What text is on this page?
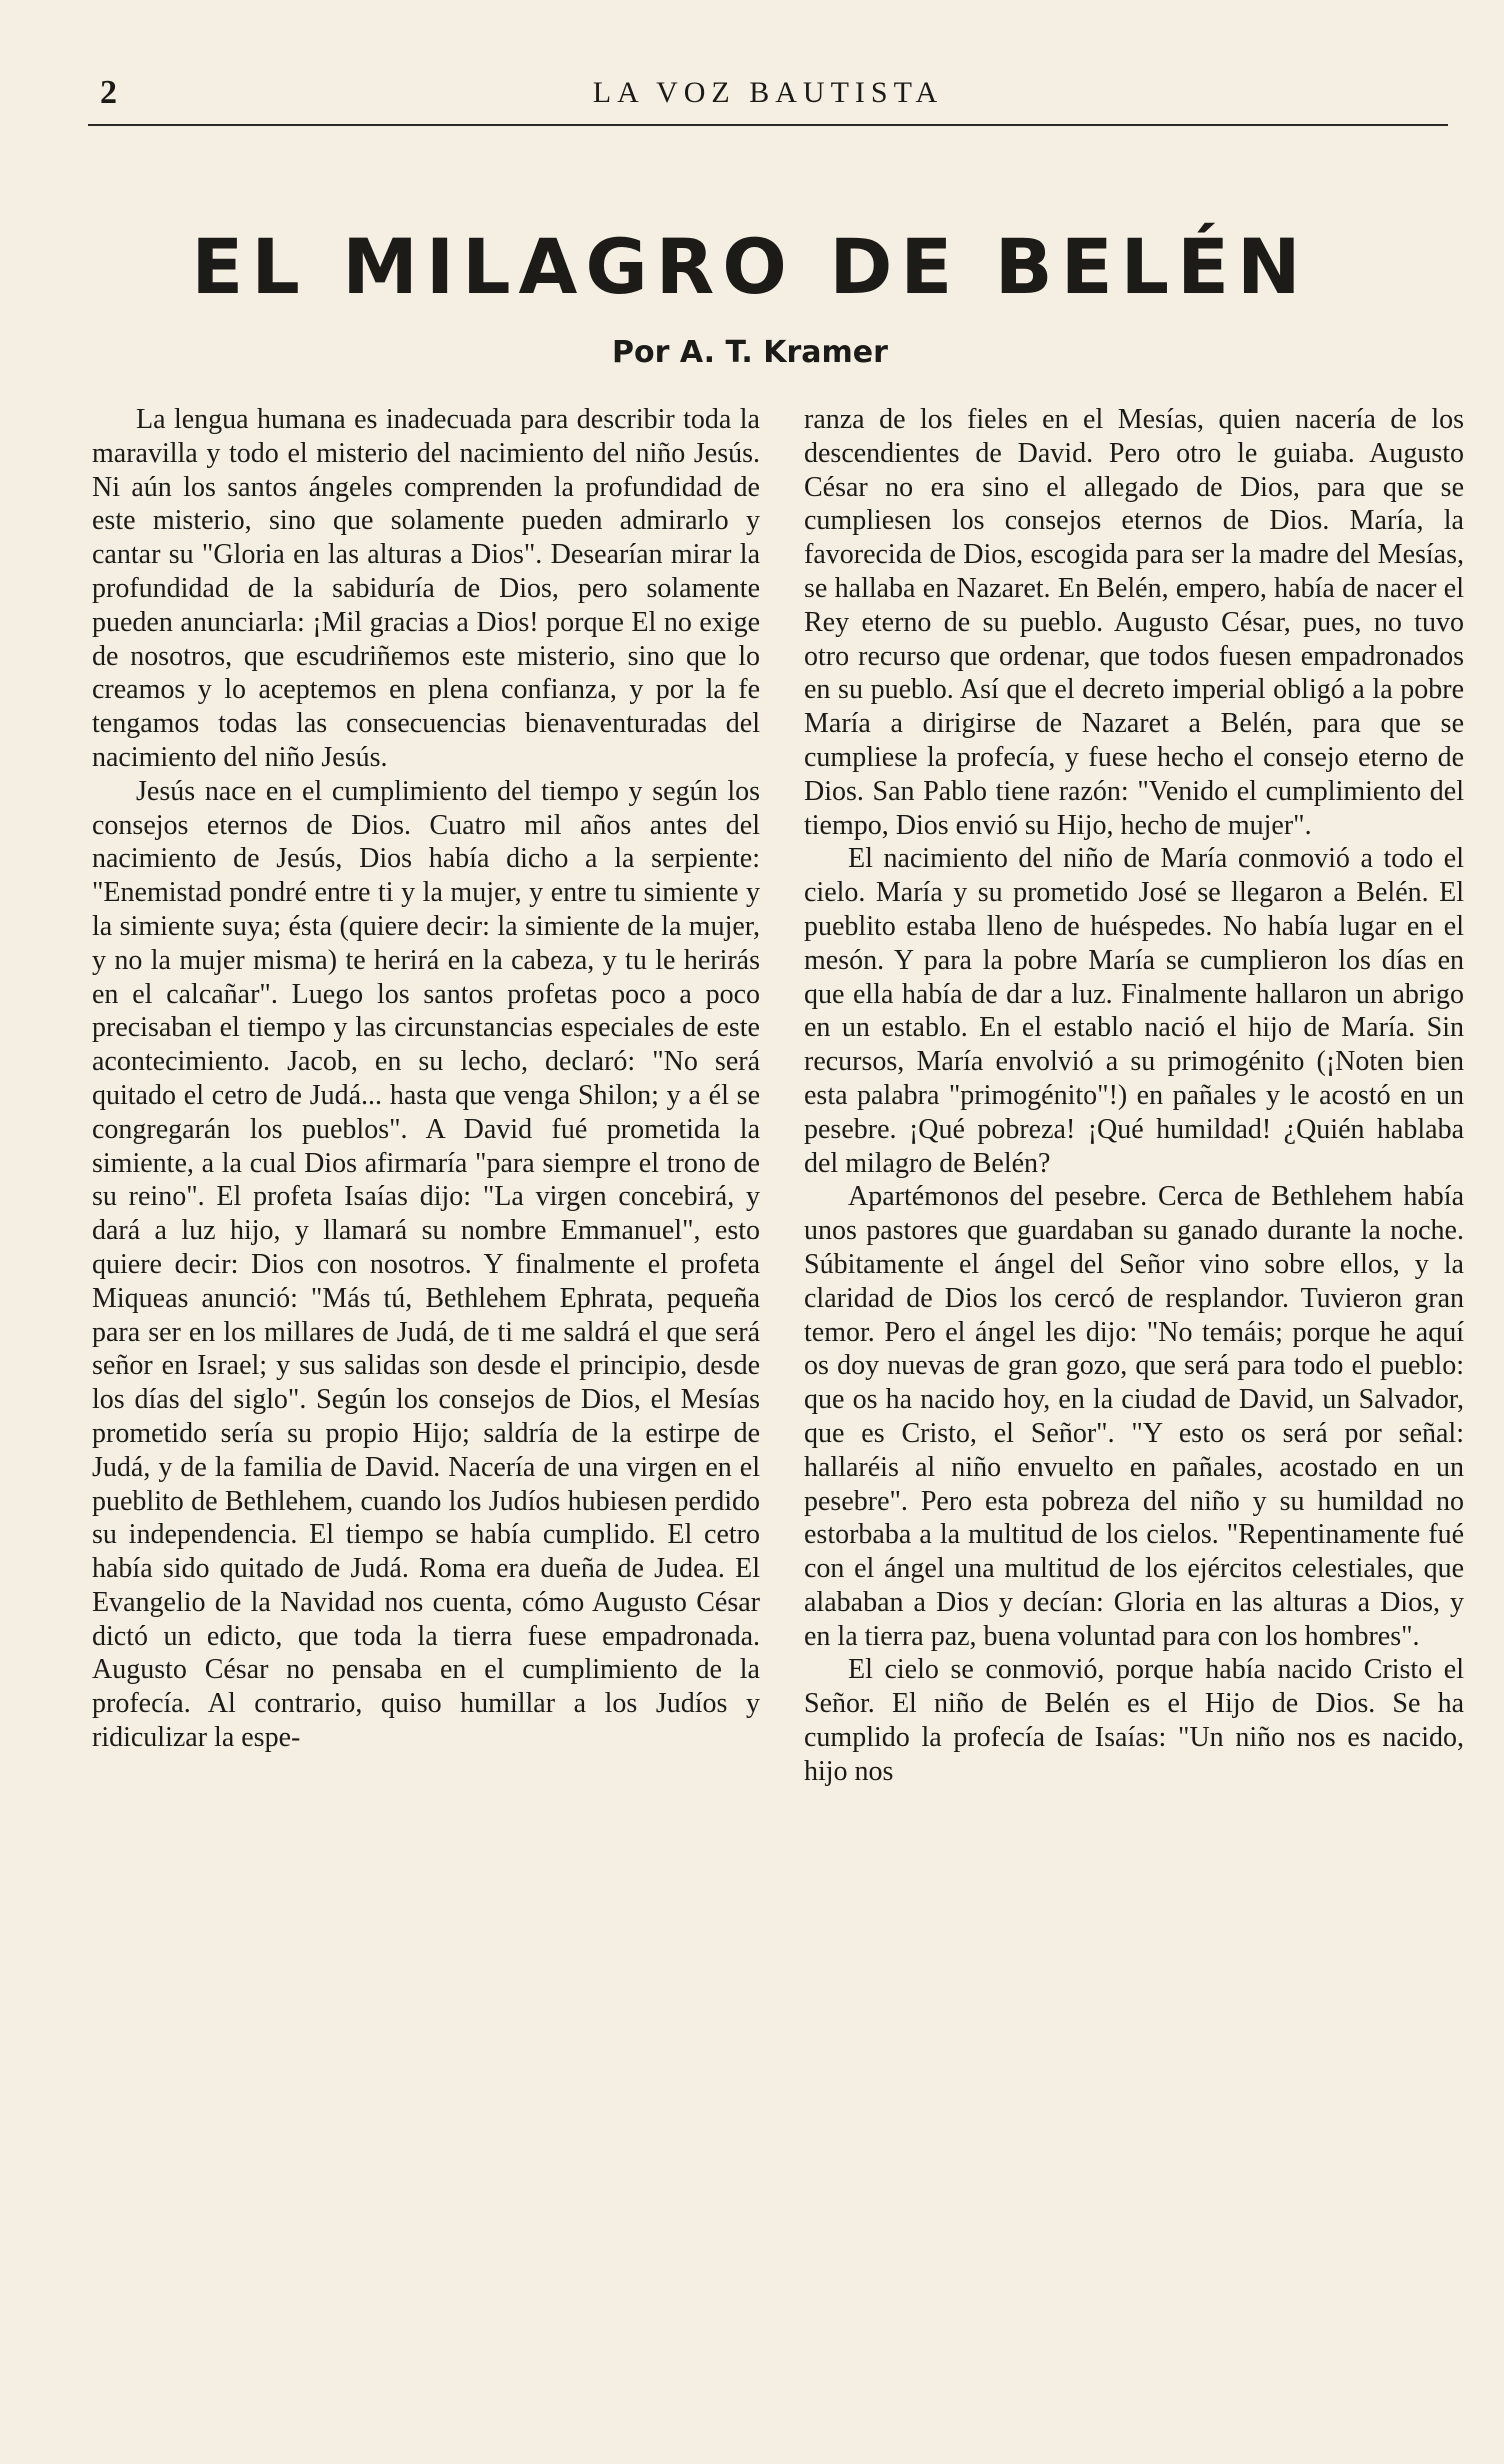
2	LA VOZ BAUTISTA
EL MILAGRO DE BELÉN
Por A. T. Kramer

La lengua humana es inadecuada para describir toda la maravilla y todo el misterio del nacimiento del niño Jesús. Ni aún los santos ángeles comprenden la profundidad de este misterio, sino que solamente pueden admirarlo y cantar su "Gloria en las alturas a Dios". Desearían mirar la profundidad de la sabiduría de Dios, pero solamente pueden anunciarla: ¡Mil gracias a Dios! porque El no exige de nosotros, que escudriñemos este misterio, sino que lo creamos y lo aceptemos en plena confianza, y por la fe tengamos todas las consecuencias bienaventuradas del nacimiento del niño Jesús.

Jesús nace en el cumplimiento del tiempo y según los consejos eternos de Dios. Cuatro mil años antes del nacimiento de Jesús, Dios había dicho a la serpiente: "Enemistad pondré entre ti y la mujer, y entre tu simiente y la simiente suya; ésta (quiere decir: la simiente de la mujer, y no la mujer misma) te herirá en la cabeza, y tu le herirás en el calcañar". Luego los santos profetas poco a poco precisaban el tiempo y las circunstancias especiales de este acontecimiento. Jacob, en su lecho, declaró: "No será quitado el cetro de Judá... hasta que venga Shilon; y a él se congregarán los pueblos". A David fué prometida la simiente, a la cual Dios afirmaría "para siempre el trono de su reino". El profeta Isaías dijo: "La virgen concebirá, y dará a luz hijo, y llamará su nombre Emmanuel", esto quiere decir: Dios con nosotros. Y finalmente el profeta Miqueas anunció: "Más tú, Bethlehem Ephrata, pequeña para ser en los millares de Judá, de ti me saldrá el que será señor en Israel; y sus salidas son desde el principio, desde los días del siglo". Según los consejos de Dios, el Mesías prometido sería su propio Hijo; saldría de la estirpe de Judá, y de la familia de David. Nacería de una virgen en el pueblito de Bethlehem, cuando los Judíos hubiesen perdido su independencia. El tiempo se había cumplido. El cetro había sido quitado de Judá. Roma era dueña de Judea. El Evangelio de la Navidad nos cuenta, cómo Augusto César dictó un edicto, que toda la tierra fuese empadronada. Augusto César no pensaba en el cumplimiento de la profecía. Al contrario, quiso humillar a los Judíos y ridiculizar la espe-

ranza de los fieles en el Mesías, quien nacería de los descendientes de David. Pero otro le guiaba. Augusto César no era sino el allegado de Dios, para que se cumpliesen los consejos eternos de Dios. María, la favorecida de Dios, escogida para ser la madre del Mesías, se hallaba en Nazaret. En Belén, empero, había de nacer el Rey eterno de su pueblo. Augusto César, pues, no tuvo otro recurso que ordenar, que todos fuesen empadronados en su pueblo. Así que el decreto imperial obligó a la pobre María a dirigirse de Nazaret a Belén, para que se cumpliese la profecía, y fuese hecho el consejo eterno de Dios. San Pablo tiene razón: "Venido el cumplimiento del tiempo, Dios envió su Hijo, hecho de mujer".

El nacimiento del niño de María conmovió a todo el cielo. María y su prometido José se llegaron a Belén. El pueblito estaba lleno de huéspedes. No había lugar en el mesón. Y para la pobre María se cumplieron los días en que ella había de dar a luz. Finalmente hallaron un abrigo en un establo. En el establo nació el hijo de María. Sin recursos, María envolvió a su primogénito (¡Noten bien esta palabra "primogénito"!) en pañales y le acostó en un pesebre. ¡Qué pobreza! ¡Qué humildad! ¿Quién hablaba del milagro de Belén?

Apartémonos del pesebre. Cerca de Bethlehem había unos pastores que guardaban su ganado durante la noche. Súbitamente el ángel del Señor vino sobre ellos, y la claridad de Dios los cercó de resplandor. Tuvieron gran temor. Pero el ángel les dijo: "No temáis; porque he aquí os doy nuevas de gran gozo, que será para todo el pueblo: que os ha nacido hoy, en la ciudad de David, un Salvador, que es Cristo, el Señor". "Y esto os será por señal: hallaréis al niño envuelto en pañales, acostado en un pesebre". Pero esta pobreza del niño y su humildad no estorbaba a la multitud de los cielos. "Repentinamente fué con el ángel una multitud de los ejércitos celestiales, que alababan a Dios y decían: Gloria en las alturas a Dios, y en la tierra paz, buena voluntad para con los hombres".

El cielo se conmovió, porque había nacido Cristo el Señor. El niño de Belén es el Hijo de Dios. Se ha cumplido la profecía de Isaías: "Un niño nos es nacido, hijo nos
